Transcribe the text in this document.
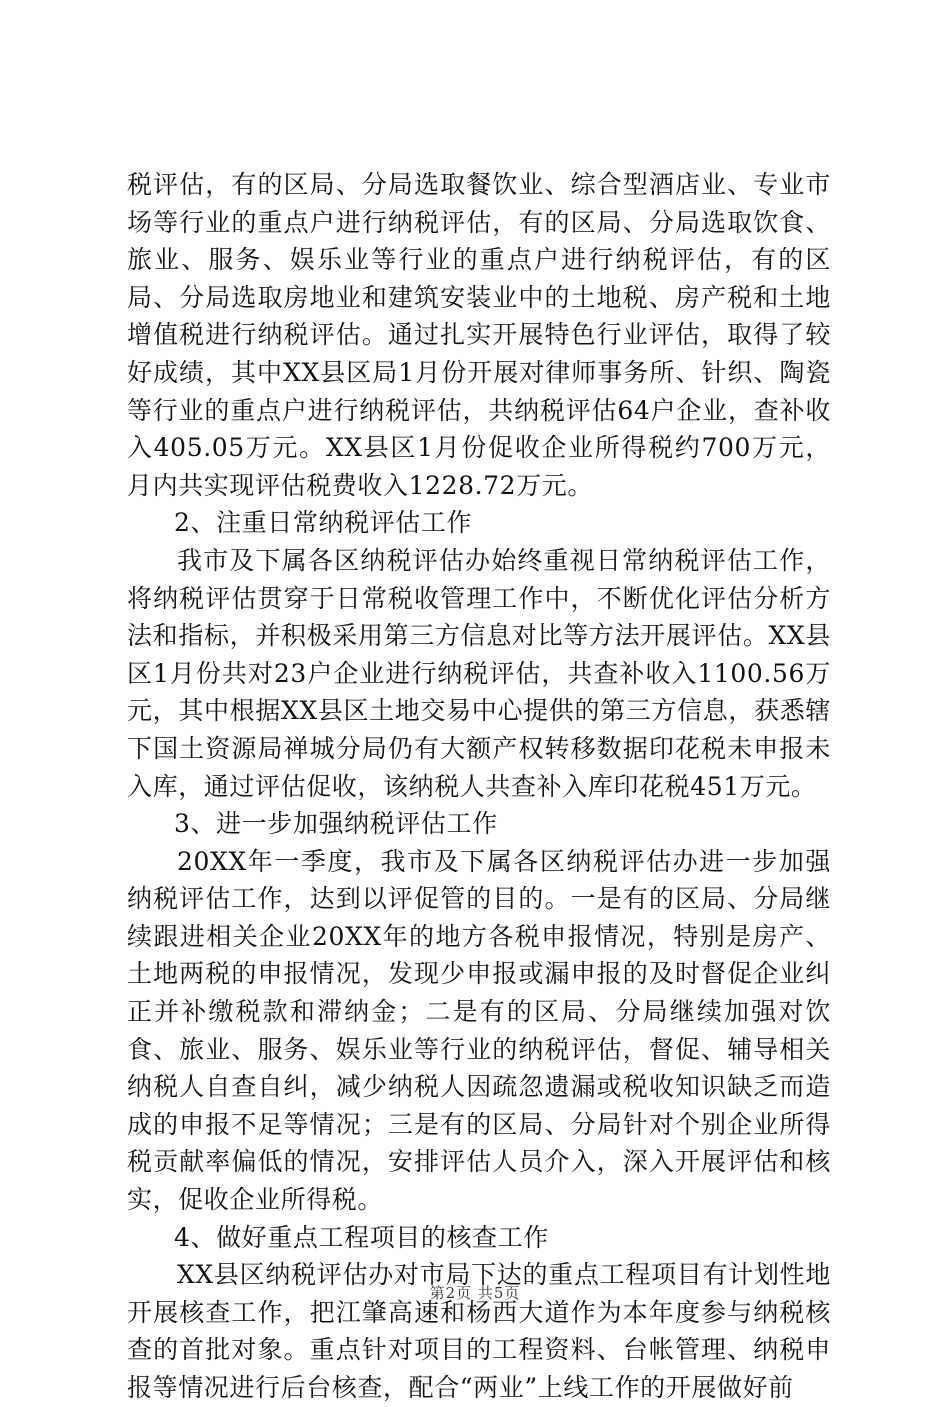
税评估，有的区局、分局选取餐饮业、综合型酒店业、专业市场等行业的重点户进行纳税评估，有的区局、分局选取饮食、旅业、服务、娱乐业等行业的重点户进行纳税评估，有的区局、分局选取房地业和建筑安装业中的土地税、房产税和土地增值税进行纳税评估。通过扎实开展特色行业评估，取得了较好成绩，其中XX县区局1月份开展对律师事务所、针织、陶瓷等行业的重点户进行纳税评估，共纳税评估64户企业，查补收入405.05万元。XX县区1月份促收企业所得税约700万元，月内共实现评估税费收入1228.72万元。

2、注重日常纳税评估工作

我市及下属各区纳税评估办始终重视日常纳税评估工作，将纳税评估贯穿于日常税收管理工作中，不断优化评估分析方法和指标，并积极采用第三方信息对比等方法开展评估。XX县区1月份共对23户企业进行纳税评估，共查补收入1100.56万元，其中根据XX县区土地交易中心提供的第三方信息，获悉辖下国土资源局禅城分局仍有大额产权转移数据印花税未申报未入库，通过评估促收，该纳税人共查补入库印花税451万元。

3、进一步加强纳税评估工作

20XX年一季度，我市及下属各区纳税评估办进一步加强纳税评估工作，达到以评促管的目的。一是有的区局、分局继续跟进相关企业20XX年的地方各税申报情况，特别是房产、土地两税的申报情况，发现少申报或漏申报的及时督促企业纠正并补缴税款和滞纳金；二是有的区局、分局继续加强对饮食、旅业、服务、娱乐业等行业的纳税评估，督促、辅导相关纳税人自查自纠，减少纳税人因疏忽遗漏或税收知识缺乏而造成的申报不足等情况；三是有的区局、分局针对个别企业所得税贡献率偏低的情况，安排评估人员介入，深入开展评估和核实，促收企业所得税。

4、做好重点工程项目的核查工作

XX县区纳税评估办对市局下达的重点工程项目有计划性地开展核查工作，把江肇高速和杨西大道作为本年度参与纳税核查的首批对象。重点针对项目的工程资料、台帐管理、纳税申报等情况进行后台核查，配合“两业”上线工作的开展做好前

第2页 共5页
